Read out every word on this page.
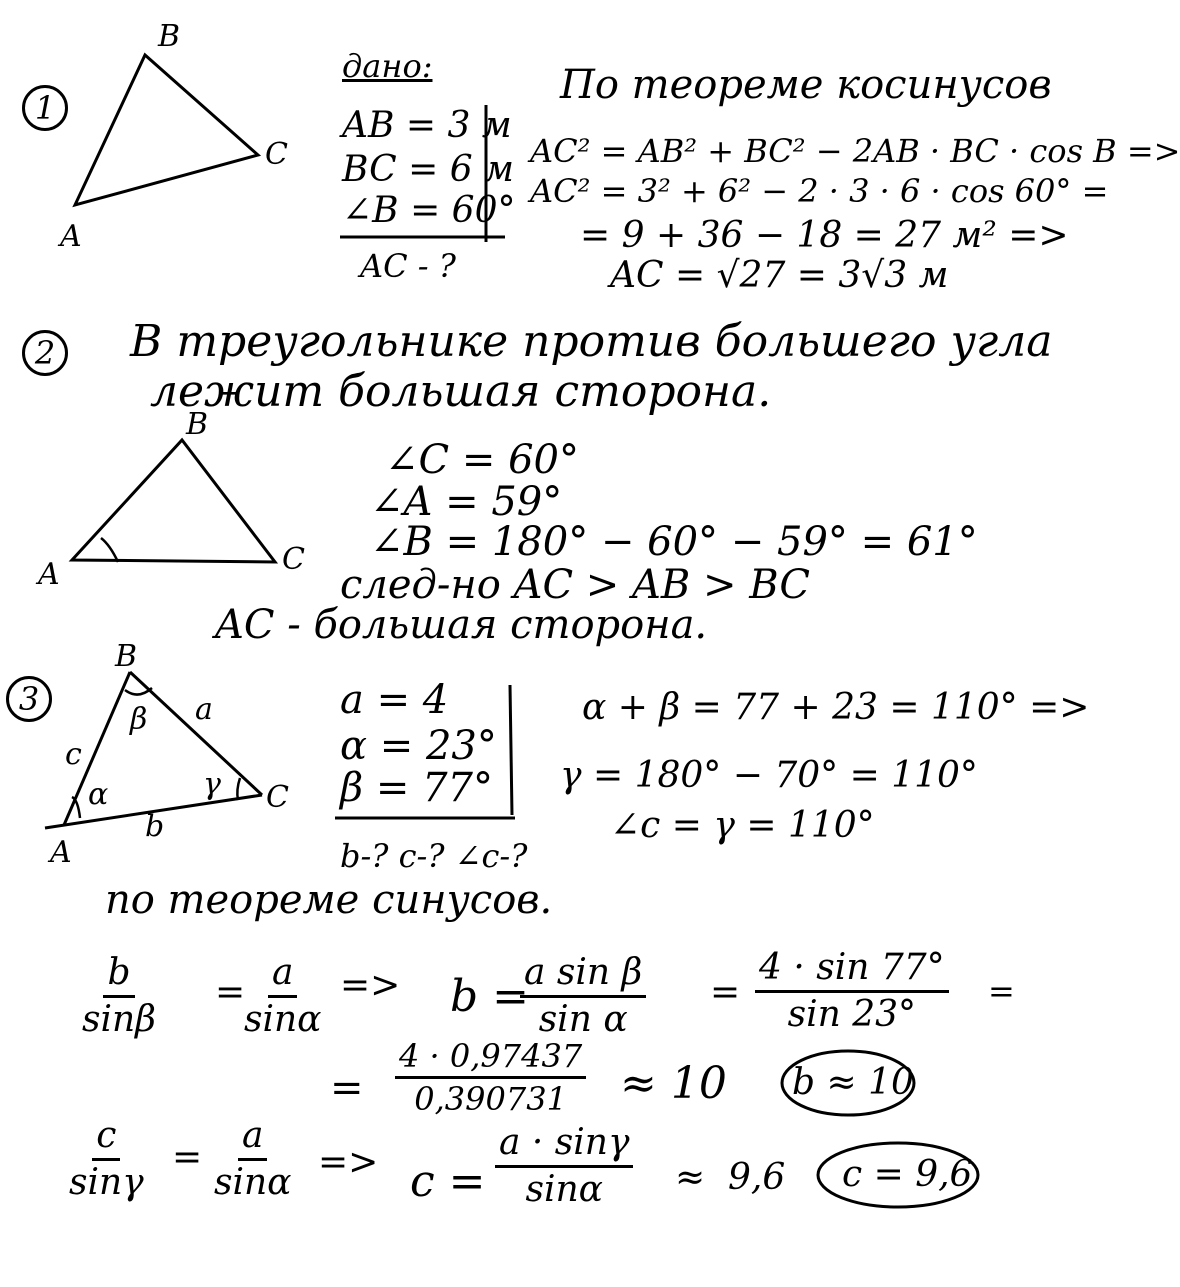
1
B
C
A
дано:
AB = 3 м
BC = 6 м
∠B = 60°
AC - ?
По теореме косинусов
AC² = AB² + BC² − 2AB · BC · cos B =>
AC² = 3² + 6² − 2 · 3 · 6 · cos 60° =
= 9 + 36 − 18 = 27 м² =>
AC = √27 = 3√3 м
2 В треугольнике против большего угла
лежит большая сторона.
B
A	C
∠C = 60°
∠A = 59°
∠B = 180° − 60° − 59° = 61°
след-но AC > AB > BC
AC - большая сторона.
3
B
a
c
β
α	γ C
b
A
a = 4
α = 23°
β = 77°
b-? c-? ∠c-?
α + β = 77 + 23 = 110° =>
γ = 180° − 70° = 110°
∠c = γ = 110°
по теореме синусов.
$\frac{b}{\sin\beta}$ =
$\frac{a}{\sin\alpha} => b$ =
$\frac{\text{a sin β}}{\text{sin α}} = \frac{4 \cdot \sin 77^\circ}{\sin 23^\circ}$ =
= $\frac{4 \cdot 0,97437}{0,390731} \approx 10$ b ≈ 10
$\frac{c}{\sin\gamma} = \frac{a}{\sin\alpha} => c = \frac{a \cdot \sin\gamma}{\sin\alpha} \approx 9,6$ c = 9,6
